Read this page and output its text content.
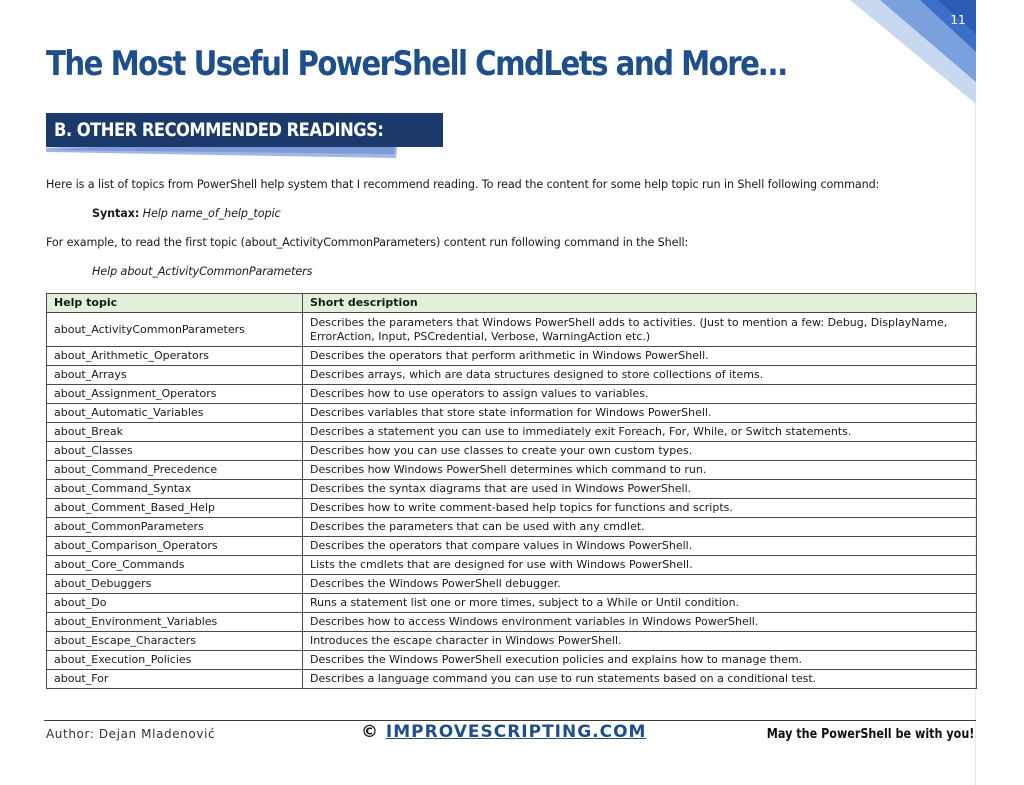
11
The Most Useful PowerShell CmdLets and More…
B. OTHER RECOMMENDED READINGS:
Here is a list of topics from PowerShell help system that I recommend reading. To read the content for some help topic run in Shell following command:
Syntax: Help name_of_help_topic
For example, to read the first topic (about_ActivityCommonParameters) content run following command in the Shell:
Help about_ActivityCommonParameters
Help topic	Short description
about_ActivityCommonParameters	Describes the parameters that Windows PowerShell adds to activities. (Just to mention a few: Debug, DisplayName, ErrorAction, Input, PSCredential, Verbose, WarningAction etc.)
about_Arithmetic_Operators	Describes the operators that perform arithmetic in Windows PowerShell.
about_Arrays	Describes arrays, which are data structures designed to store collections of items.
about_Assignment_Operators	Describes how to use operators to assign values to variables.
about_Automatic_Variables	Describes variables that store state information for Windows PowerShell.
about_Break	Describes a statement you can use to immediately exit Foreach, For, While, or Switch statements.
about_Classes	Describes how you can use classes to create your own custom types.
about_Command_Precedence	Describes how Windows PowerShell determines which command to run.
about_Command_Syntax	Describes the syntax diagrams that are used in Windows PowerShell.
about_Comment_Based_Help	Describes how to write comment-based help topics for functions and scripts.
about_CommonParameters	Describes the parameters that can be used with any cmdlet.
about_Comparison_Operators	Describes the operators that compare values in Windows PowerShell.
about_Core_Commands	Lists the cmdlets that are designed for use with Windows PowerShell.
about_Debuggers	Describes the Windows PowerShell debugger.
about_Do	Runs a statement list one or more times, subject to a While or Until condition.
about_Environment_Variables	Describes how to access Windows environment variables in Windows PowerShell.
about_Escape_Characters	Introduces the escape character in Windows PowerShell.
about_Execution_Policies	Describes the Windows PowerShell execution policies and explains how to manage them.
about_For	Describes a language command you can use to run statements based on a conditional test.
Author: Dejan Mladenović	© IMPROVESCRIPTING.COM	May the PowerShell be with you!
